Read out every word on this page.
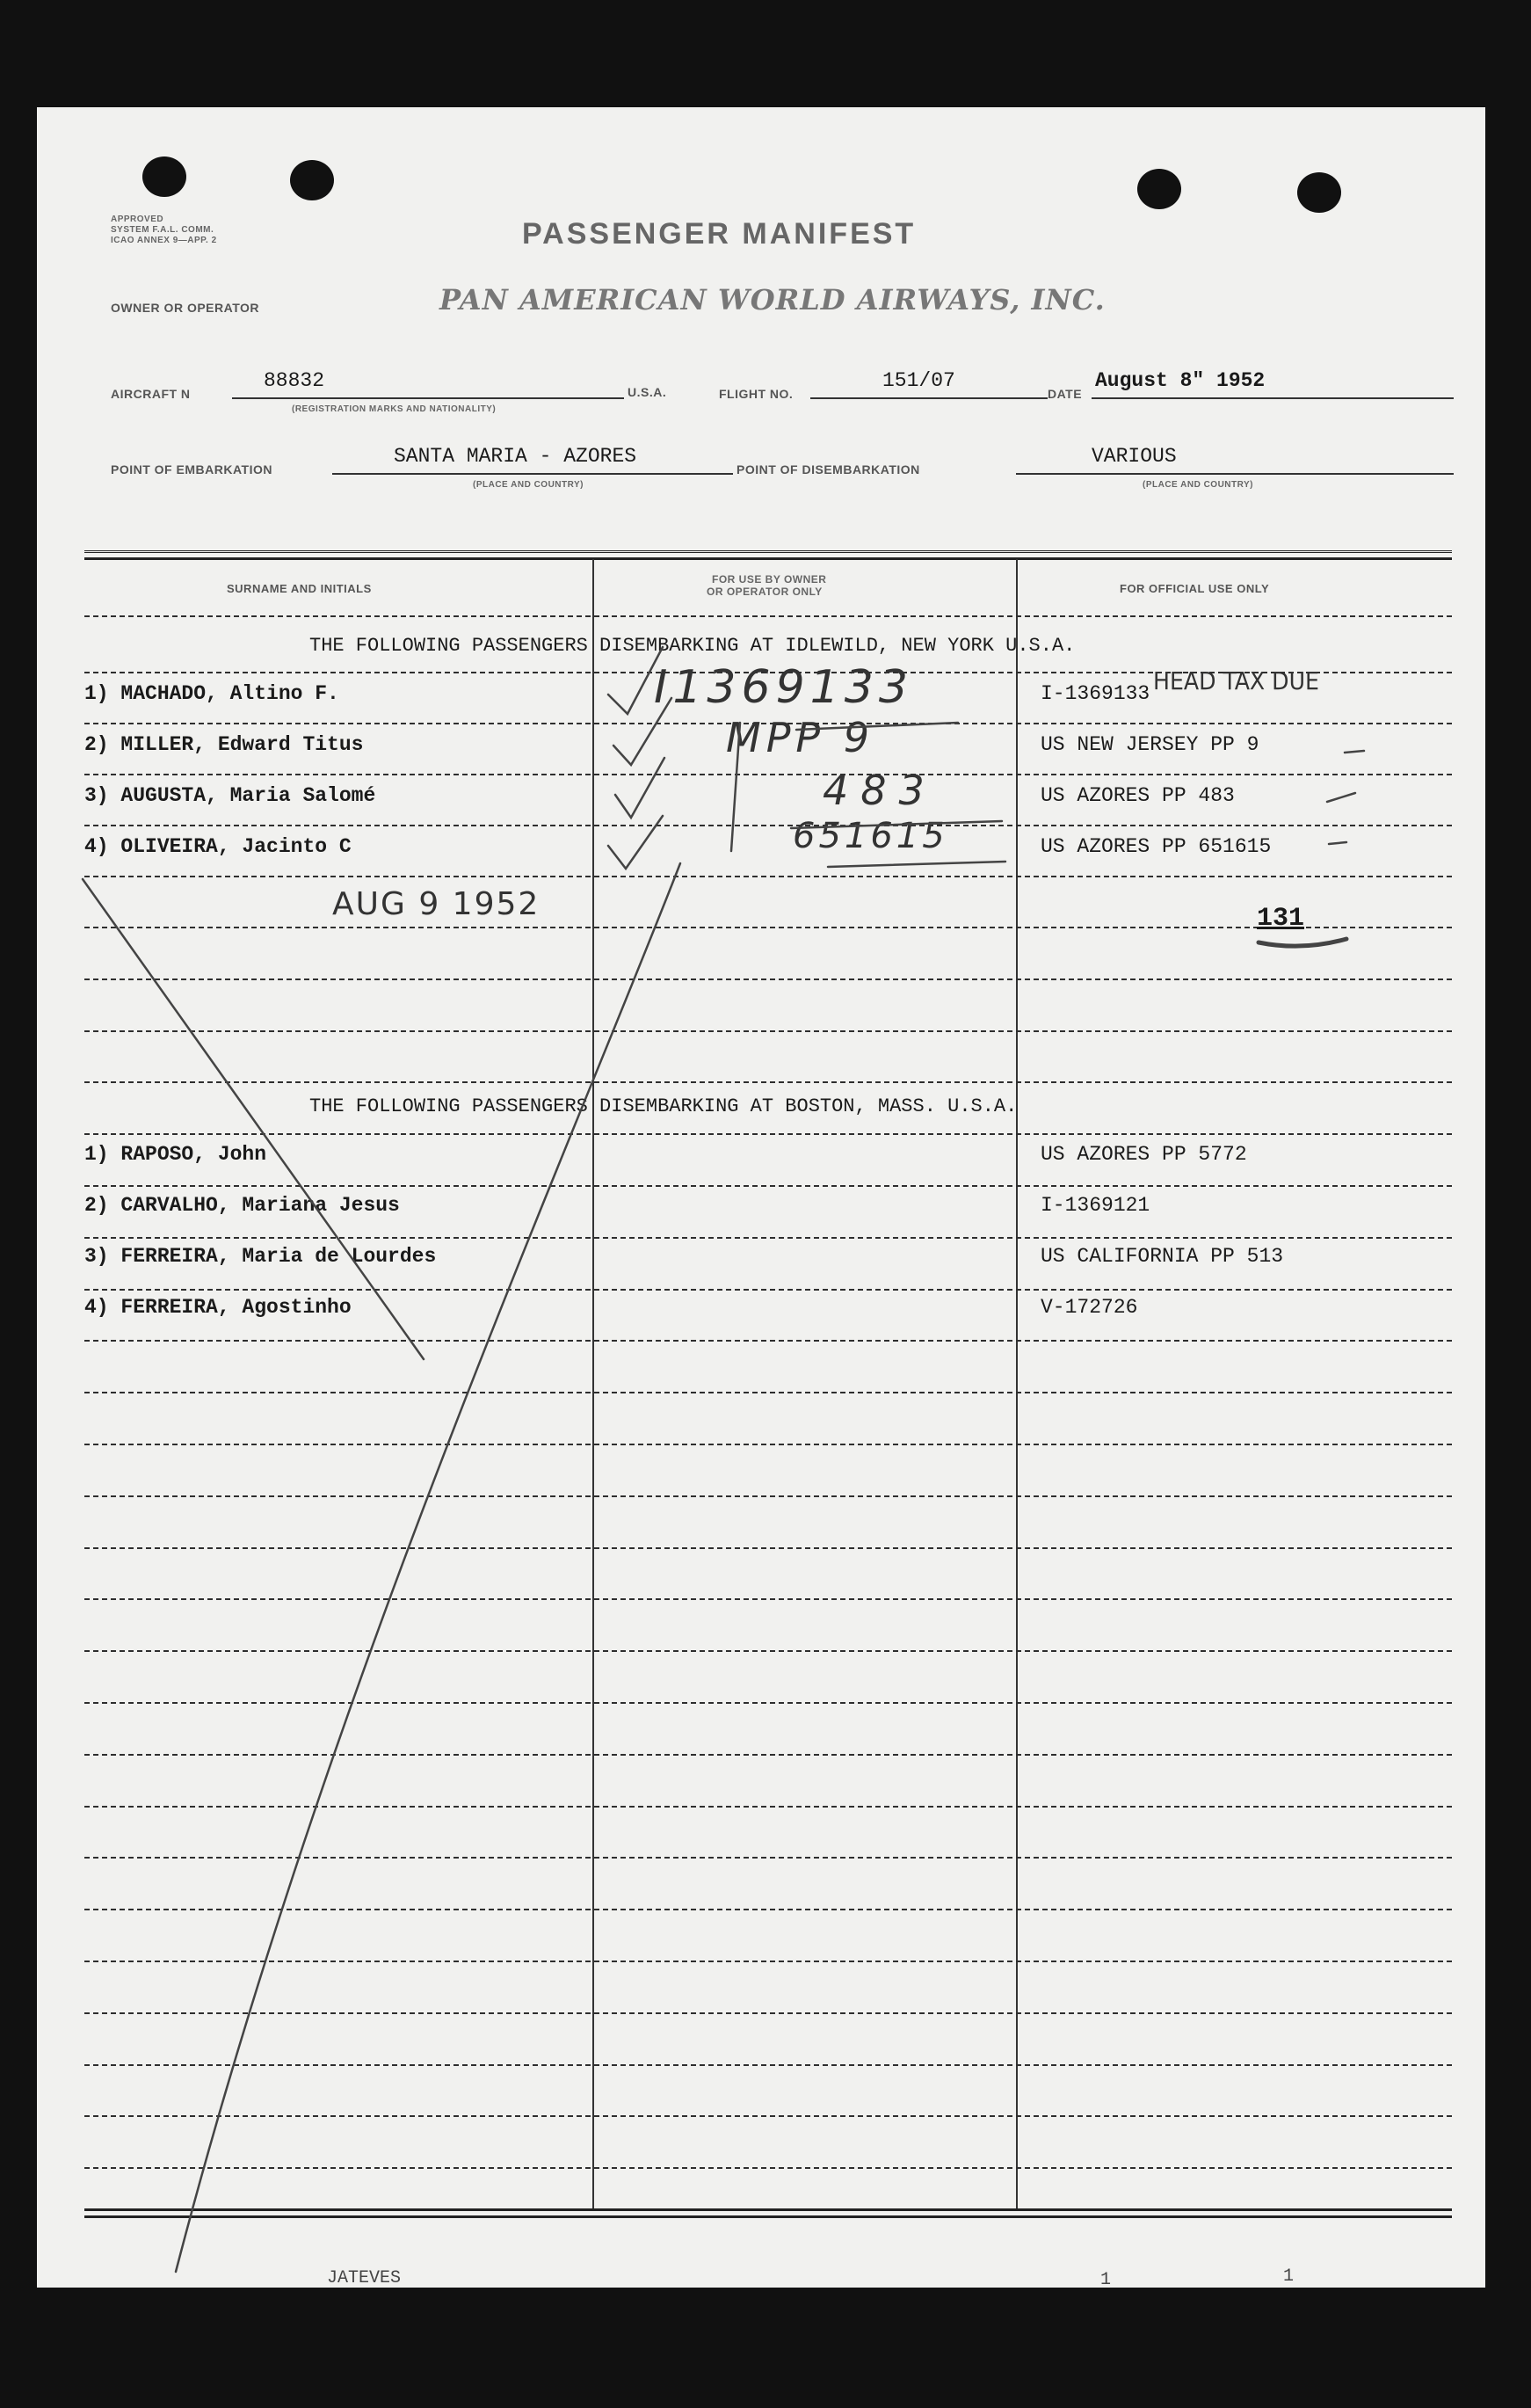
APPROVED
SYSTEM F.A.L. COMM.
ICAO ANNEX 9—APP. 2	PASSENGER MANIFEST
OWNER OR OPERATOR	PAN AMERICAN WORLD AIRWAYS, INC.
AIRCRAFT N
88832
(REGISTRATION MARKS AND NATIONALITY)
U.S.A.	FLIGHT NO.
151/07
DATE
August 8" 1952
POINT OF EMBARKATION
SANTA MARIA - AZORES
(PLACE AND COUNTRY)
POINT OF DISEMBARKATION
VARIOUS
(PLACE AND COUNTRY)
SURNAME AND INITIALS
FOR USE BY OWNER
OR OPERATOR ONLY	FOR OFFICIAL USE ONLY
THE FOLLOWING PASSENGERS DISEMBARKING AT IDLEWILD, NEW YORK U.S.A.
1) MACHADO, Altino F.	I-1369133
2) MILLER, Edward Titus	US NEW JERSEY PP 9
3) AUGUSTA, Maria Salomé	US AZORES PP 483
4) OLIVEIRA, Jacinto C	US AZORES PP 651615
HEAD TAX DUE
I1369133
MPP 9
483
651615
AUG 9 1952	131
THE FOLLOWING PASSENGERS DISEMBARKING AT BOSTON, MASS. U.S.A.
1) RAPOSO, John	US AZORES PP 5772
2) CARVALHO, Mariana Jesus	I-1369121
3) FERREIRA, Maria de Lourdes	US CALIFORNIA PP 513
4) FERREIRA, Agostinho	V-172726
JATEVES	1	1
